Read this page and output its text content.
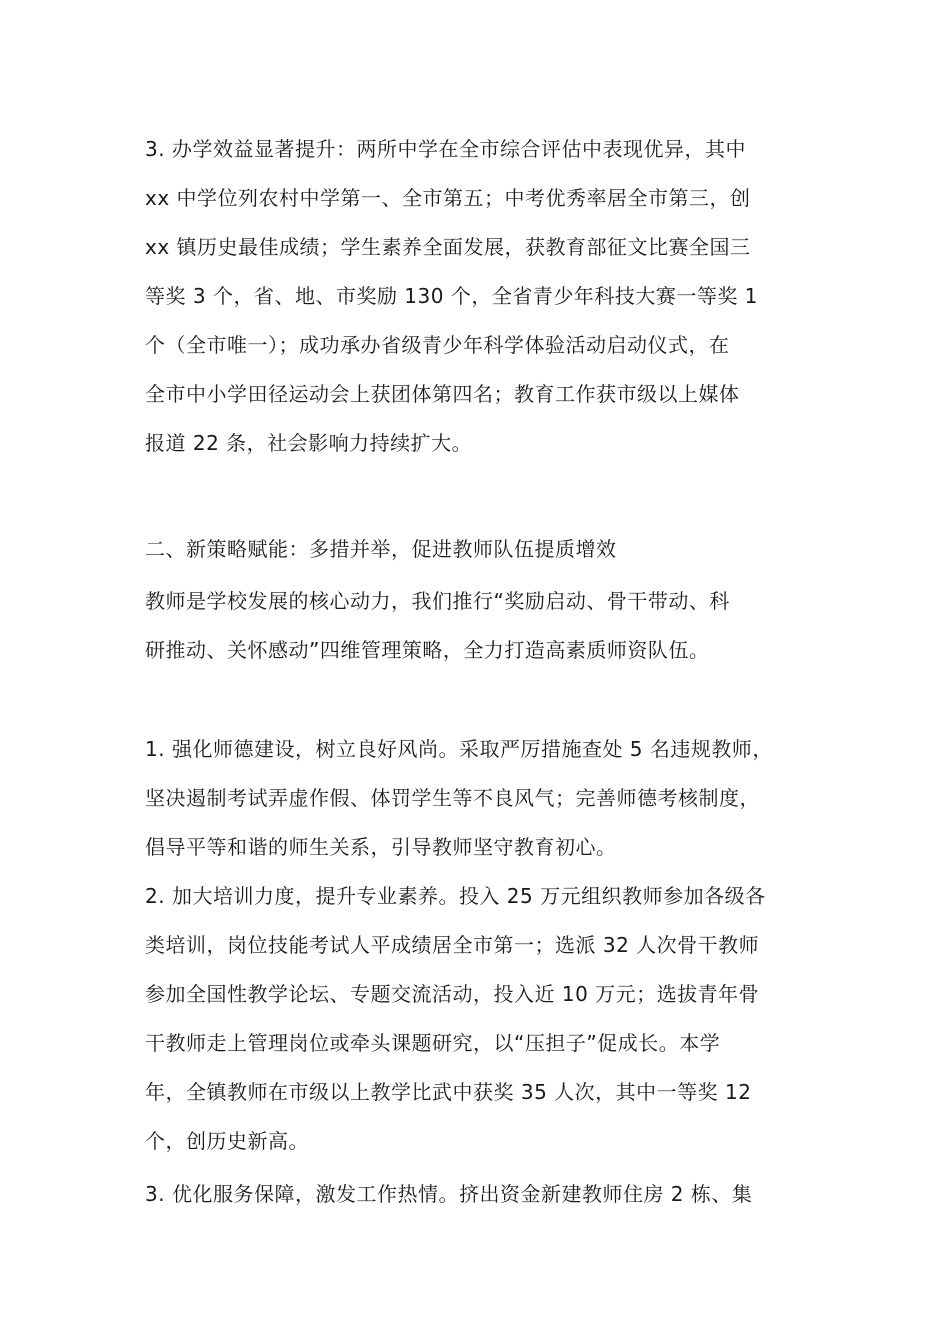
3. 办学效益显著提升：两所中学在全市综合评估中表现优异，其中
xx 中学位列农村中学第一、全市第五；中考优秀率居全市第三，创
xx 镇历史最佳成绩；学生素养全面发展，获教育部征文比赛全国三
等奖 3 个，省、地、市奖励 130 个，全省青少年科技大赛一等奖 1
个（全市唯一）；成功承办省级青少年科学体验活动启动仪式，在
全市中小学田径运动会上获团体第四名；教育工作获市级以上媒体
报道 22 条，社会影响力持续扩大。
二、新策略赋能：多措并举，促进教师队伍提质增效
教师是学校发展的核心动力，我们推行“奖励启动、骨干带动、科
研推动、关怀感动”四维管理策略，全力打造高素质师资队伍。
1. 强化师德建设，树立良好风尚。采取严厉措施查处 5 名违规教师，
坚决遏制考试弄虚作假、体罚学生等不良风气；完善师德考核制度，
倡导平等和谐的师生关系，引导教师坚守教育初心。
2. 加大培训力度，提升专业素养。投入 25 万元组织教师参加各级各
类培训，岗位技能考试人平成绩居全市第一；选派 32 人次骨干教师
参加全国性教学论坛、专题交流活动，投入近 10 万元；选拔青年骨
干教师走上管理岗位或牵头课题研究，以“压担子”促成长。本学
年，全镇教师在市级以上教学比武中获奖 35 人次，其中一等奖 12
个，创历史新高。
3. 优化服务保障，激发工作热情。挤出资金新建教师住房 2 栋、集
